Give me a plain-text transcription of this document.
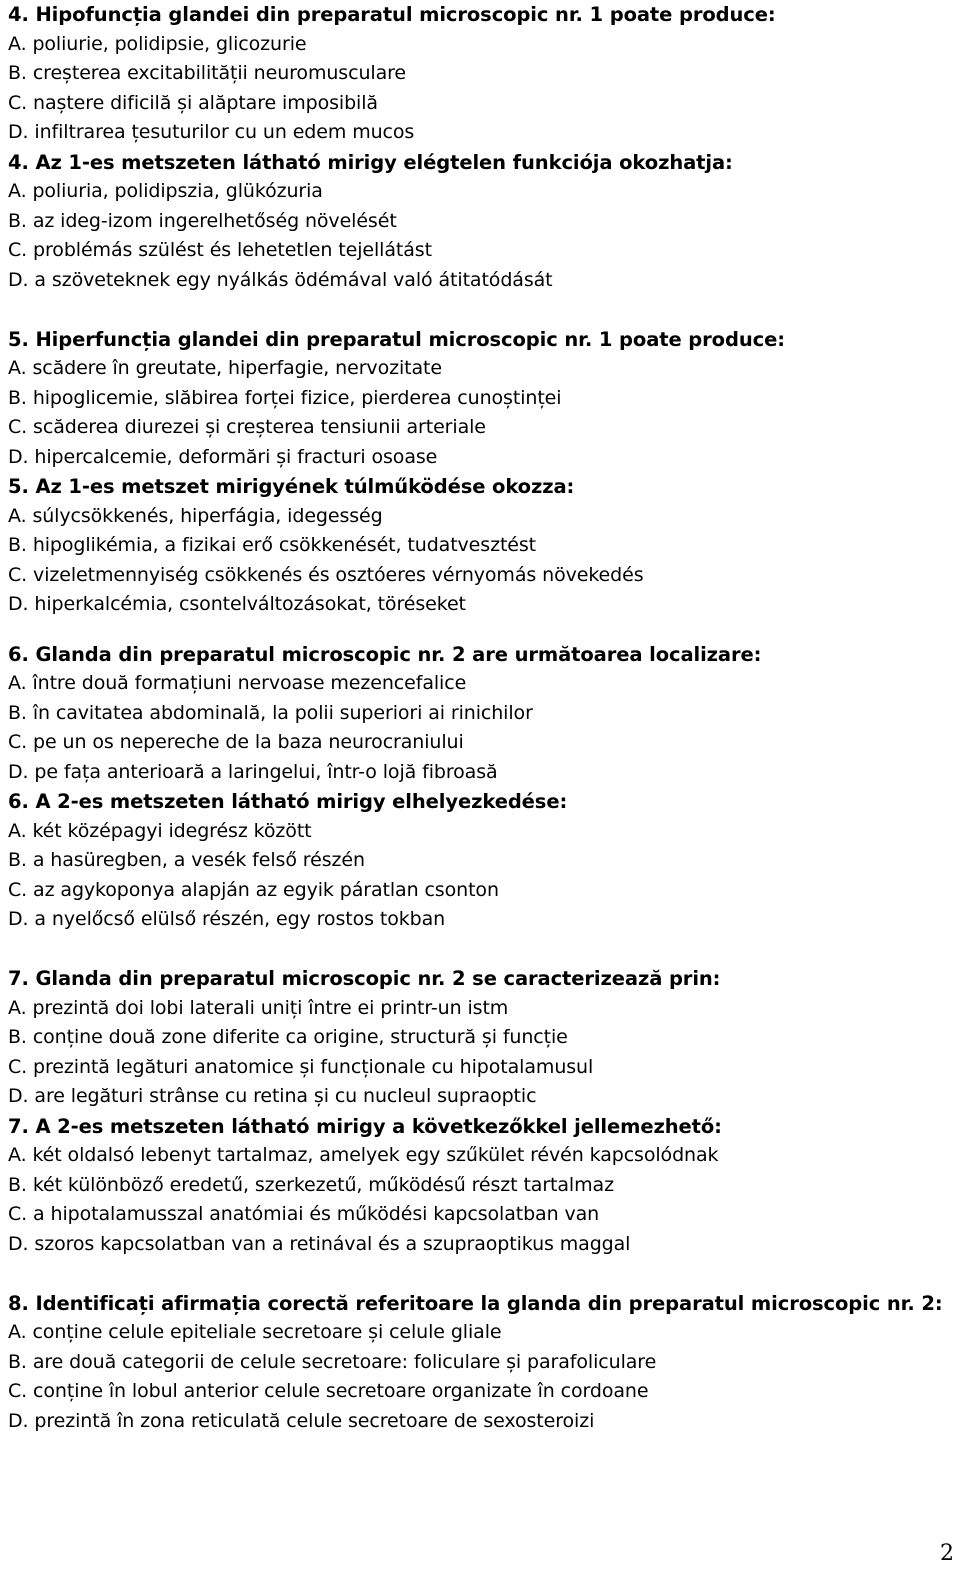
4. Hipofuncția glandei din preparatul microscopic nr. 1 poate produce:
A. poliurie, polidipsie, glicozurie
B. creșterea excitabilității neuromusculare
C. naștere dificilă și alăptare imposibilă
D. infiltrarea țesuturilor cu un edem mucos
4. Az 1-es metszeten látható mirigy elégtelen funkciója okozhatja:
A. poliuria, polidipszia, glükózuria
B. az ideg-izom ingerelhetőség növelését
C. problémás szülést és lehetetlen tejellátást
D. a szöveteknek egy nyálkás ödémával való átitatódását
5. Hiperfuncția glandei din preparatul microscopic nr. 1 poate produce:
A. scădere în greutate, hiperfagie, nervozitate
B. hipoglicemie, slăbirea forței fizice, pierderea cunoștinței
C. scăderea diurezei și creșterea tensiunii arteriale
D. hipercalcemie, deformări și fracturi osoase
5. Az 1-es metszet mirigyének túlműködése okozza:
A. súlycsökkenés, hiperfágia, idegesség
B. hipoglikémia, a fizikai erő csökkenését, tudatvesztést
C. vizeletmennyiség csökkenés és osztóeres vérnyomás növekedés
D. hiperkalcémia, csontelváltozásokat, töréseket
6. Glanda din preparatul microscopic nr. 2 are următoarea localizare:
A. între două formațiuni nervoase mezencefalice
B. în cavitatea abdominală, la polii superiori ai rinichilor
C. pe un os nepereche de la baza neurocraniului
D. pe fața anterioară a laringelui, într-o lojă fibroasă
6. A 2-es metszeten látható mirigy elhelyezkedése:
A. két középagyi idegrész között
B. a hasüregben, a vesék felső részén
C. az agykoponya alapján az egyik páratlan csonton
D. a nyelőcső elülső részén, egy rostos tokban
7. Glanda din preparatul microscopic nr. 2 se caracterizează prin:
A. prezintă doi lobi laterali uniți între ei printr-un istm
B. conține două zone diferite ca origine, structură și funcție
C. prezintă legături anatomice și funcționale cu hipotalamusul
D. are legături strânse cu retina și cu nucleul supraoptic
7. A 2-es metszeten látható mirigy a következőkkel jellemezhető:
A. két oldalsó lebenyt tartalmaz, amelyek egy szűkület révén kapcsolódnak
B. két különböző eredetű, szerkezetű, működésű részt tartalmaz
C. a hipotalamusszal anatómiai és működési kapcsolatban van
D. szoros kapcsolatban van a retinával és a szupraoptikus maggal
8. Identificați afirmația corectă referitoare la glanda din preparatul microscopic nr. 2:
A. conține celule epiteliale secretoare și celule gliale
B. are două categorii de celule secretoare: foliculare și parafoliculare
C. conține în lobul anterior celule secretoare organizate în cordoane
D. prezintă în zona reticulată celule secretoare de sexosteroizi
2
